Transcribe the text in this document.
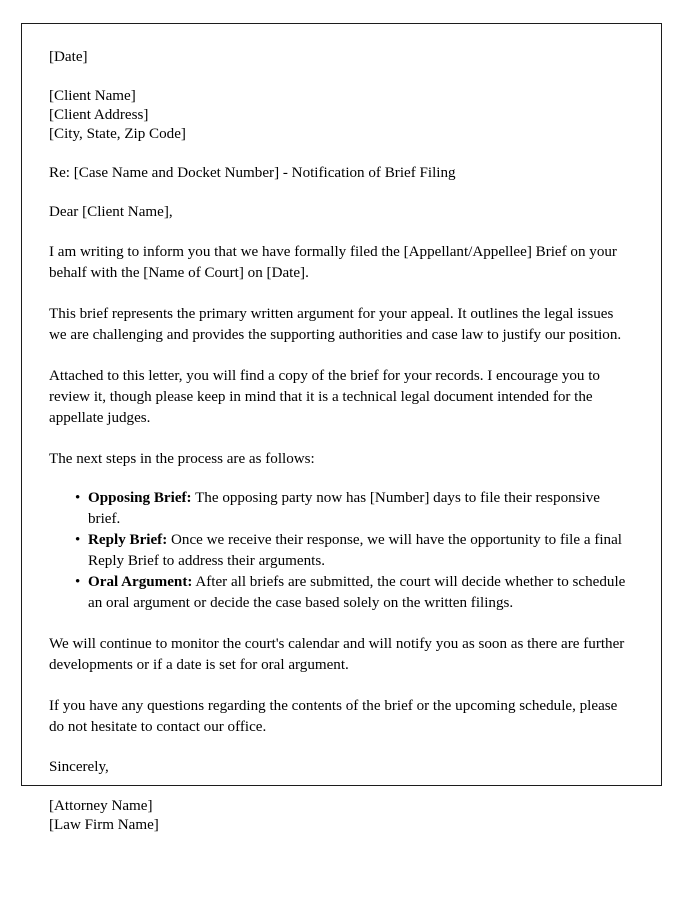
[Date]
[Client Name]
[Client Address]
[City, State, Zip Code]
Re: [Case Name and Docket Number] - Notification of Brief Filing
Dear [Client Name],

I am writing to inform you that we have formally filed the [Appellant/Appellee] Brief on your behalf with the [Name of Court] on [Date].

This brief represents the primary written argument for your appeal. It outlines the legal issues we are challenging and provides the supporting authorities and case law to justify our position.

Attached to this letter, you will find a copy of the brief for your records. I encourage you to review it, though please keep in mind that it is a technical legal document intended for the appellate judges.

The next steps in the process are as follows:

• Opposing Brief: The opposing party now has [Number] days to file their responsive brief.
• Reply Brief: Once we receive their response, we will have the opportunity to file a final Reply Brief to address their arguments.
• Oral Argument: After all briefs are submitted, the court will decide whether to schedule an oral argument or decide the case based solely on the written filings.

We will continue to monitor the court's calendar and will notify you as soon as there are further developments or if a date is set for oral argument.

If you have any questions regarding the contents of the brief or the upcoming schedule, please do not hesitate to contact our office.

Sincerely,
[Attorney Name]
[Law Firm Name]
